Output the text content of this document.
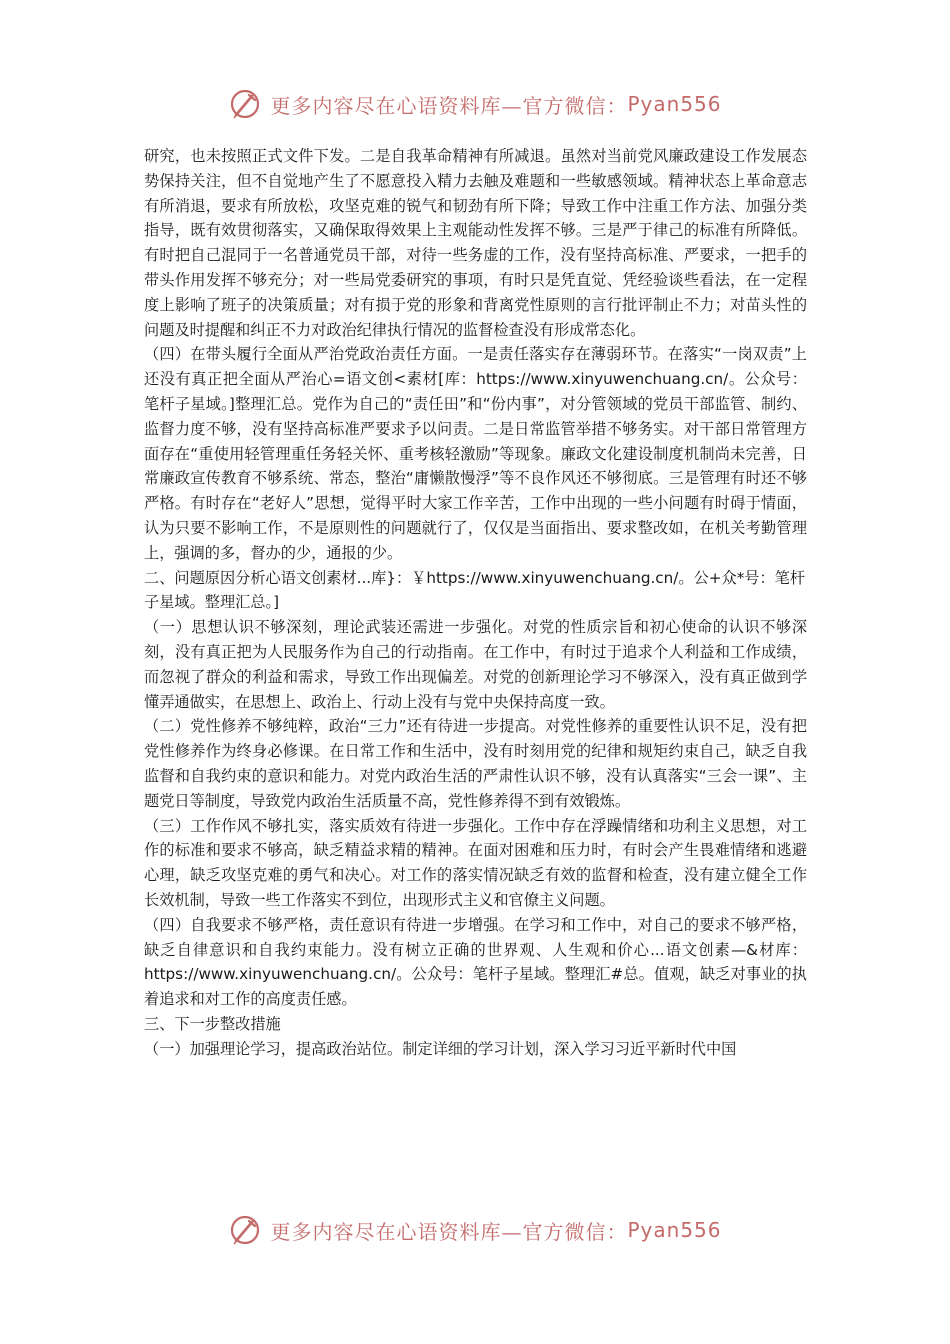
更多内容尽在心语资料库—官方微信： Pyan556

研究，也未按照正式文件下发。二是自我革命精神有所减退。虽然对当前党风廉政建设工作发展态势保持关注，但不自觉地产生了不愿意投入精力去触及难题和一些敏感领域。精神状态上革命意志有所消退，要求有所放松，攻坚克难的锐气和韧劲有所下降；导致工作中注重工作方法、加强分类指导，既有效贯彻落实，又确保取得效果上主观能动性发挥不够。三是严于律己的标准有所降低。有时把自己混同于一名普通党员干部，对待一些务虚的工作，没有坚持高标准、严要求，一把手的带头作用发挥不够充分；对一些局党委研究的事项，有时只是凭直觉、凭经验谈些看法，在一定程度上影响了班子的决策质量；对有损于党的形象和背离党性原则的言行批评制止不力；对苗头性的问题及时提醒和纠正不力对政治纪律执行情况的监督检查没有形成常态化。

（四）在带头履行全面从严治党政治责任方面。一是责任落实存在薄弱环节。在落实“一岗双责”上还没有真正把全面从严治心=语文创<素材[库：https://www.xinyuwenchuang.cn/。公众号：笔杆子星域。]整理汇总。党作为自己的“责任田”和“份内事”，对分管领域的党员干部监管、制约、监督力度不够，没有坚持高标准严要求予以问责。二是日常监管举措不够务实。对干部日常管理方面存在“重使用轻管理重任务轻关怀、重考核轻激励”等现象。廉政文化建设制度机制尚未完善，日常廉政宣传教育不够系统、常态，整治“庸懒散慢浮”等不良作风还不够彻底。三是管理有时还不够严格。有时存在“老好人”思想，觉得平时大家工作辛苦，工作中出现的一些小问题有时碍于情面，认为只要不影响工作，不是原则性的问题就行了，仅仅是当面指出、要求整改如，在机关考勤管理上，强调的多，督办的少，通报的少。

二、问题原因分析心语文创素材...库}：￥https://www.xinyuwenchuang.cn/。公+众*号：笔杆子星域。整理汇总。]

（一）思想认识不够深刻，理论武装还需进一步强化。对党的性质宗旨和初心使命的认识不够深刻，没有真正把为人民服务作为自己的行动指南。在工作中，有时过于追求个人利益和工作成绩，而忽视了群众的利益和需求，导致工作出现偏差。对党的创新理论学习不够深入，没有真正做到学懂弄通做实，在思想上、政治上、行动上没有与党中央保持高度一致。

（二）党性修养不够纯粹，政治“三力”还有待进一步提高。对党性修养的重要性认识不足，没有把党性修养作为终身必修课。在日常工作和生活中，没有时刻用党的纪律和规矩约束自己，缺乏自我监督和自我约束的意识和能力。对党内政治生活的严肃性认识不够，没有认真落实“三会一课”、主题党日等制度，导致党内政治生活质量不高，党性修养得不到有效锻炼。

（三）工作作风不够扎实，落实质效有待进一步强化。工作中存在浮躁情绪和功利主义思想，对工作的标准和要求不够高，缺乏精益求精的精神。在面对困难和压力时，有时会产生畏难情绪和逃避心理，缺乏攻坚克难的勇气和决心。对工作的落实情况缺乏有效的监督和检查，没有建立健全工作长效机制，导致一些工作落实不到位，出现形式主义和官僚主义问题。

（四）自我要求不够严格，责任意识有待进一步增强。在学习和工作中，对自己的要求不够严格，缺乏自律意识和自我约束能力。没有树立正确的世界观、人生观和价心...语文创素—&材库：https://www.xinyuwenchuang.cn/。公众号：笔杆子星域。整理汇#总。值观，缺乏对事业的执着追求和对工作的高度责任感。

三、下一步整改措施

（一）加强理论学习，提高政治站位。制定详细的学习计划，深入学习习近平新时代中国

更多内容尽在心语资料库—官方微信： Pyan556
